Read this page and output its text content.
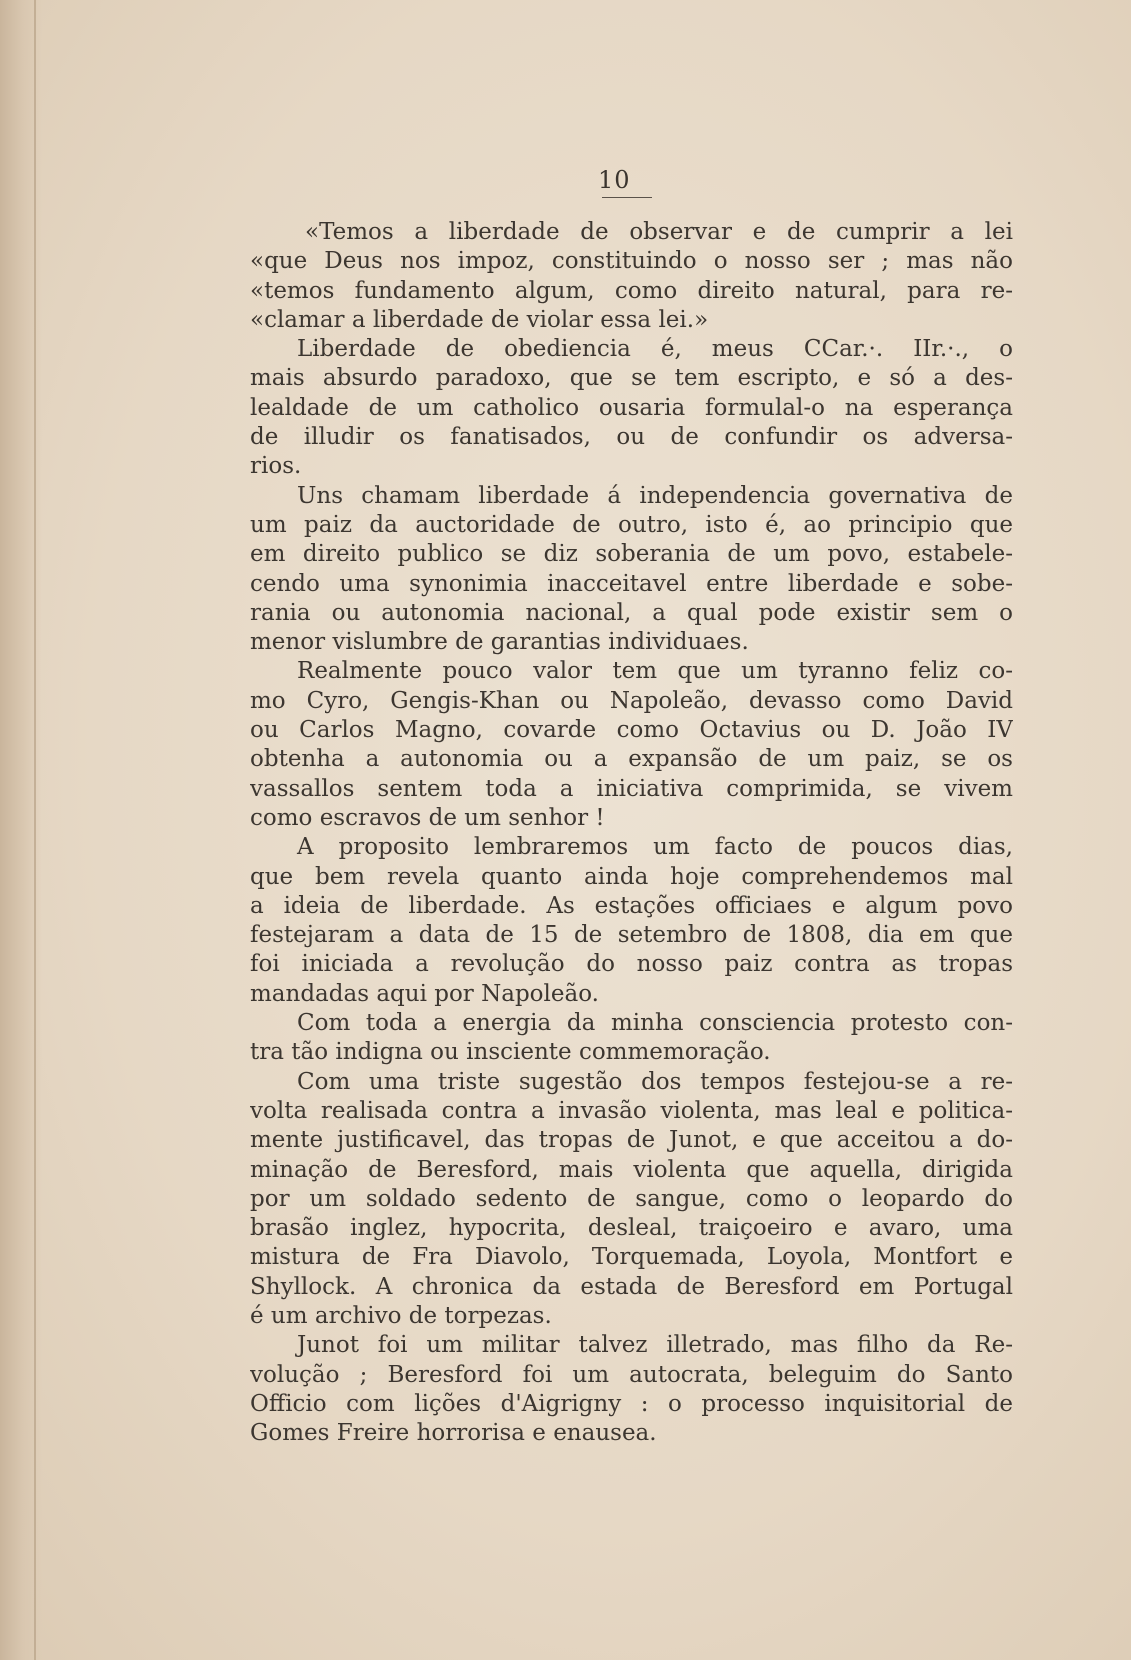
10
«Temos a liberdade de observar e de cumprir a lei
«que Deus nos impoz, constituindo o nosso ser ; mas não
«temos fundamento algum, como direito natural, para re-
«clamar a liberdade de violar essa lei.»
Liberdade de obediencia é, meus CCar.·. IIr.·., o
mais absurdo paradoxo, que se tem escripto, e só a des-
lealdade de um catholico ousaria formulal-o na esperança
de illudir os fanatisados, ou de confundir os adversa-
rios.
Uns chamam liberdade á independencia governativa de
um paiz da auctoridade de outro, isto é, ao principio que
em direito publico se diz soberania de um povo, estabele-
cendo uma synonimia inacceitavel entre liberdade e sobe-
rania ou autonomia nacional, a qual pode existir sem o
menor vislumbre de garantias individuaes.
Realmente pouco valor tem que um tyranno feliz co-
mo Cyro, Gengis-Khan ou Napoleão, devasso como David
ou Carlos Magno, covarde como Octavius ou D. João IV
obtenha a autonomia ou a expansão de um paiz, se os
vassallos sentem toda a iniciativa comprimida, se vivem
como escravos de um senhor !
A proposito lembraremos um facto de poucos dias,
que bem revela quanto ainda hoje comprehendemos mal
a ideia de liberdade. As estações officiaes e algum povo
festejaram a data de 15 de setembro de 1808, dia em que
foi iniciada a revolução do nosso paiz contra as tropas
mandadas aqui por Napoleão.
Com toda a energia da minha consciencia protesto con-
tra tão indigna ou insciente commemoração.
Com uma triste sugestão dos tempos festejou-se a re-
volta realisada contra a invasão violenta, mas leal e politica-
mente justificavel, das tropas de Junot, e que acceitou a do-
minação de Beresford, mais violenta que aquella, dirigida
por um soldado sedento de sangue, como o leopardo do
brasão inglez, hypocrita, desleal, traiçoeiro e avaro, uma
mistura de Fra Diavolo, Torquemada, Loyola, Montfort e
Shyllock. A chronica da estada de Beresford em Portugal
é um archivo de torpezas.
Junot foi um militar talvez illetrado, mas filho da Re-
volução ; Beresford foi um autocrata, beleguim do Santo
Officio com lições d'Aigrigny : o processo inquisitorial de
Gomes Freire horrorisa e enausea.
